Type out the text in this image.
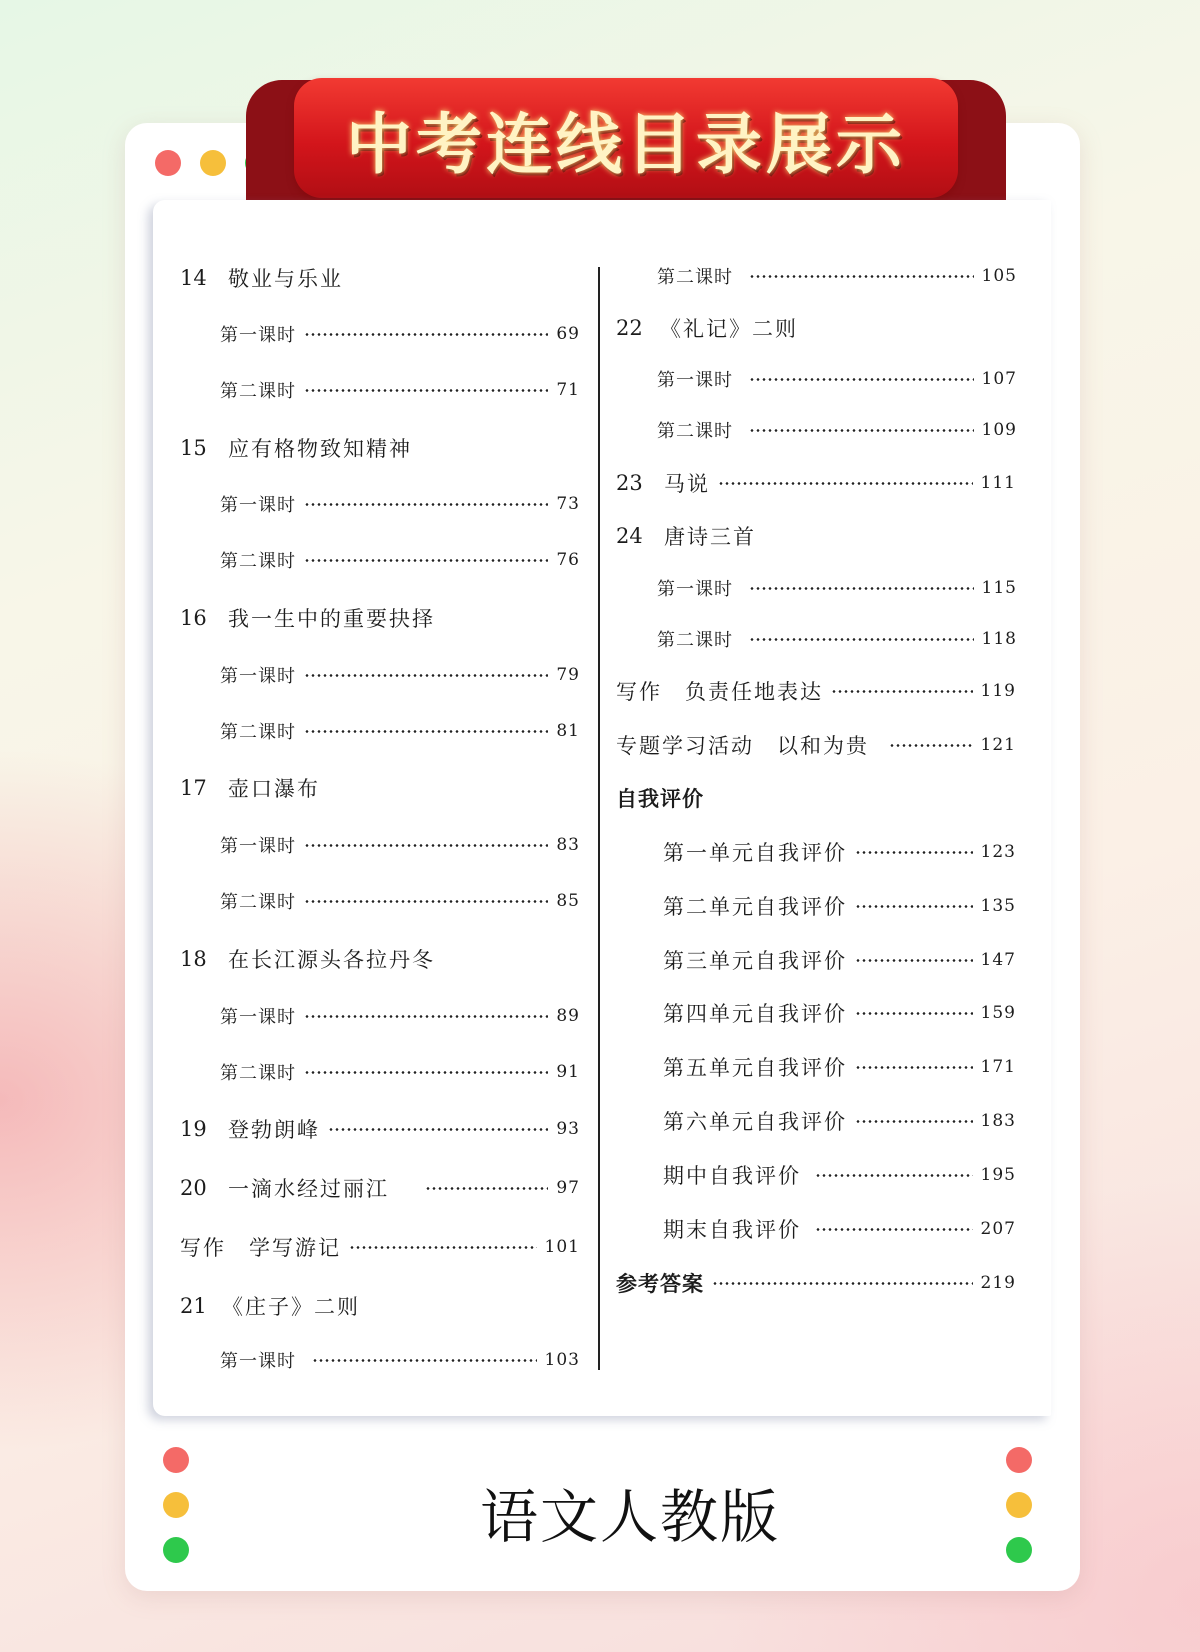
中考连线目录展示
14	敬业与乐业
第一课时	69
第二课时	71
15	应有格物致知精神
第一课时	73
第二课时	76
16	我一生中的重要抉择
第一课时	79
第二课时	81
17	壶口瀑布
第一课时	83
第二课时	85
18	在长江源头各拉丹冬
第一课时	89
第二课时	91
19	登勃朗峰	93
20	一滴水经过丽江	97
写作　学写游记	101
21 《庄子》二则
第一课时	103
第二课时	105
22 《礼记》二则
第一课时	107
第二课时	109
23	马说	111
24	唐诗三首
第一课时	115
第二课时	118
写作　负责任地表达	119
专题学习活动　以和为贵	121
自我评价
第一单元自我评价	123
第二单元自我评价	135
第三单元自我评价	147
第四单元自我评价	159
第五单元自我评价	171
第六单元自我评价	183
期中自我评价	195
期末自我评价	207
参考答案	219
语文人教版
